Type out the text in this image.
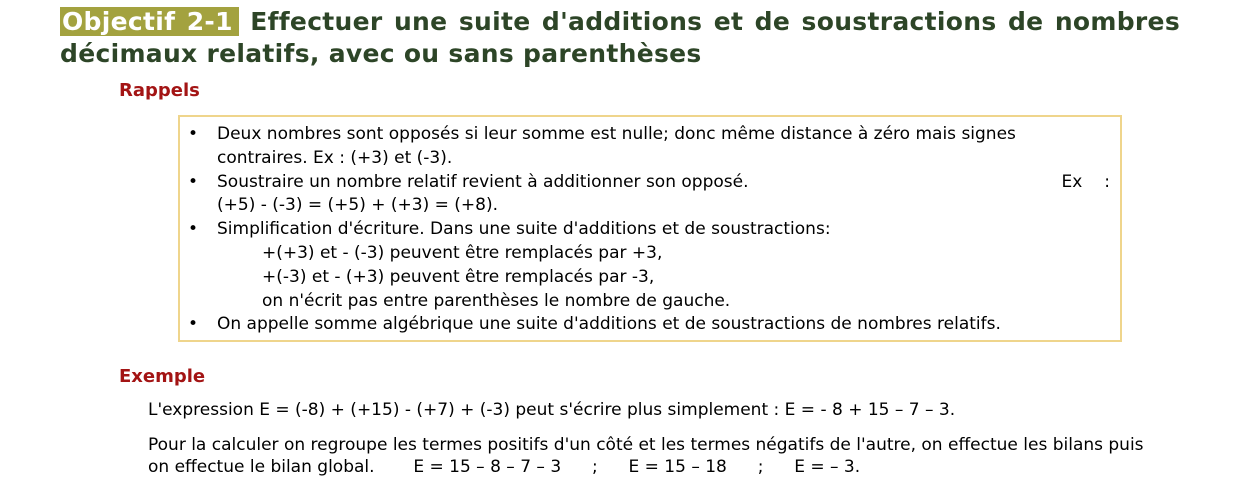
Objectif 2-1 Effectuer une suite d'additions et de soustractions de nombres décimaux relatifs, avec ou sans parenthèses
Rappels
• Deux nombres sont opposés si leur somme est nulle; donc même distance à zéro mais signes contraires. Ex : (+3) et (-3).
• Soustraire un nombre relatif revient à additionner son opposé.	Ex :
(+5) - (-3) = (+5) + (+3) = (+8).
• Simplification d'écriture. Dans une suite d'additions et de soustractions:
+(+3) et - (-3) peuvent être remplacés par +3,
+(-3) et - (+3) peuvent être remplacés par -3,
on n'écrit pas entre parenthèses le nombre de gauche.
• On appelle somme algébrique une suite d'additions et de soustractions de nombres relatifs.
Exemple
L'expression E = (-8) + (+15) - (+7) + (-3) peut s'écrire plus simplement : E = - 8 + 15 – 7 – 3.
Pour la calculer on regroupe les termes positifs d'un côté et les termes négatifs de l'autre, on effectue les bilans puis on effectue le bilan global. E = 15 – 8 – 7 – 3 ; E = 15 – 18 ; E = – 3.
